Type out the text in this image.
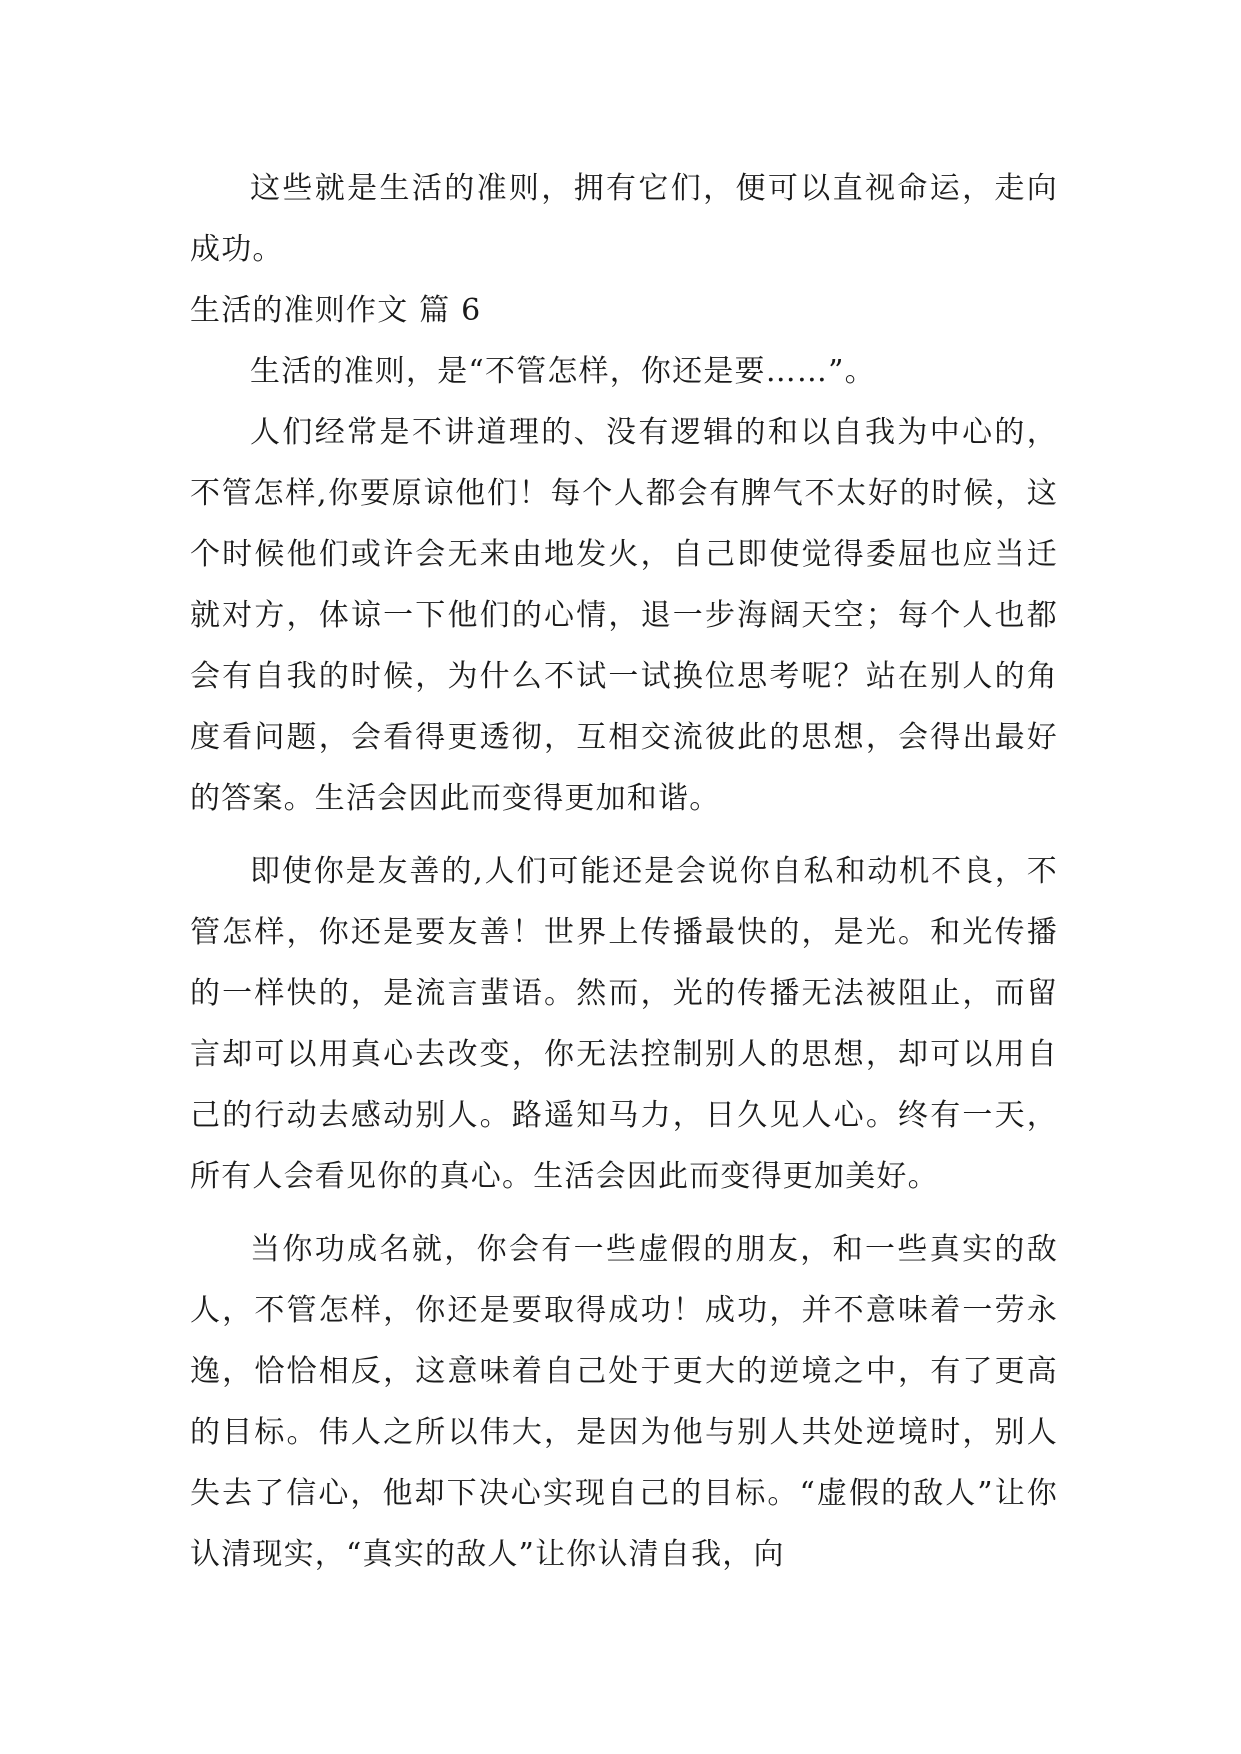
这些就是生活的准则，拥有它们，便可以直视命运，走向成功。

生活的准则作文 篇 6

生活的准则，是“不管怎样，你还是要……”。

人们经常是不讲道理的、没有逻辑的和以自我为中心的，不管怎样,你要原谅他们！每个人都会有脾气不太好的时候，这个时候他们或许会无来由地发火，自己即使觉得委屈也应当迁就对方，体谅一下他们的心情，退一步海阔天空；每个人也都会有自我的时候，为什么不试一试换位思考呢？站在别人的角度看问题，会看得更透彻，互相交流彼此的思想，会得出最好的答案。生活会因此而变得更加和谐。

即使你是友善的,人们可能还是会说你自私和动机不良，不管怎样，你还是要友善！世界上传播最快的，是光。和光传播的一样快的，是流言蜚语。然而，光的传播无法被阻止，而留言却可以用真心去改变，你无法控制别人的思想，却可以用自己的行动去感动别人。路遥知马力，日久见人心。终有一天，所有人会看见你的真心。生活会因此而变得更加美好。

当你功成名就，你会有一些虚假的朋友，和一些真实的敌人，不管怎样，你还是要取得成功！成功，并不意味着一劳永逸，恰恰相反，这意味着自己处于更大的逆境之中，有了更高的目标。伟人之所以伟大，是因为他与别人共处逆境时，别人失去了信心，他却下决心实现自己的目标。“虚假的敌人”让你认清现实，“真实的敌人”让你认清自我，向
